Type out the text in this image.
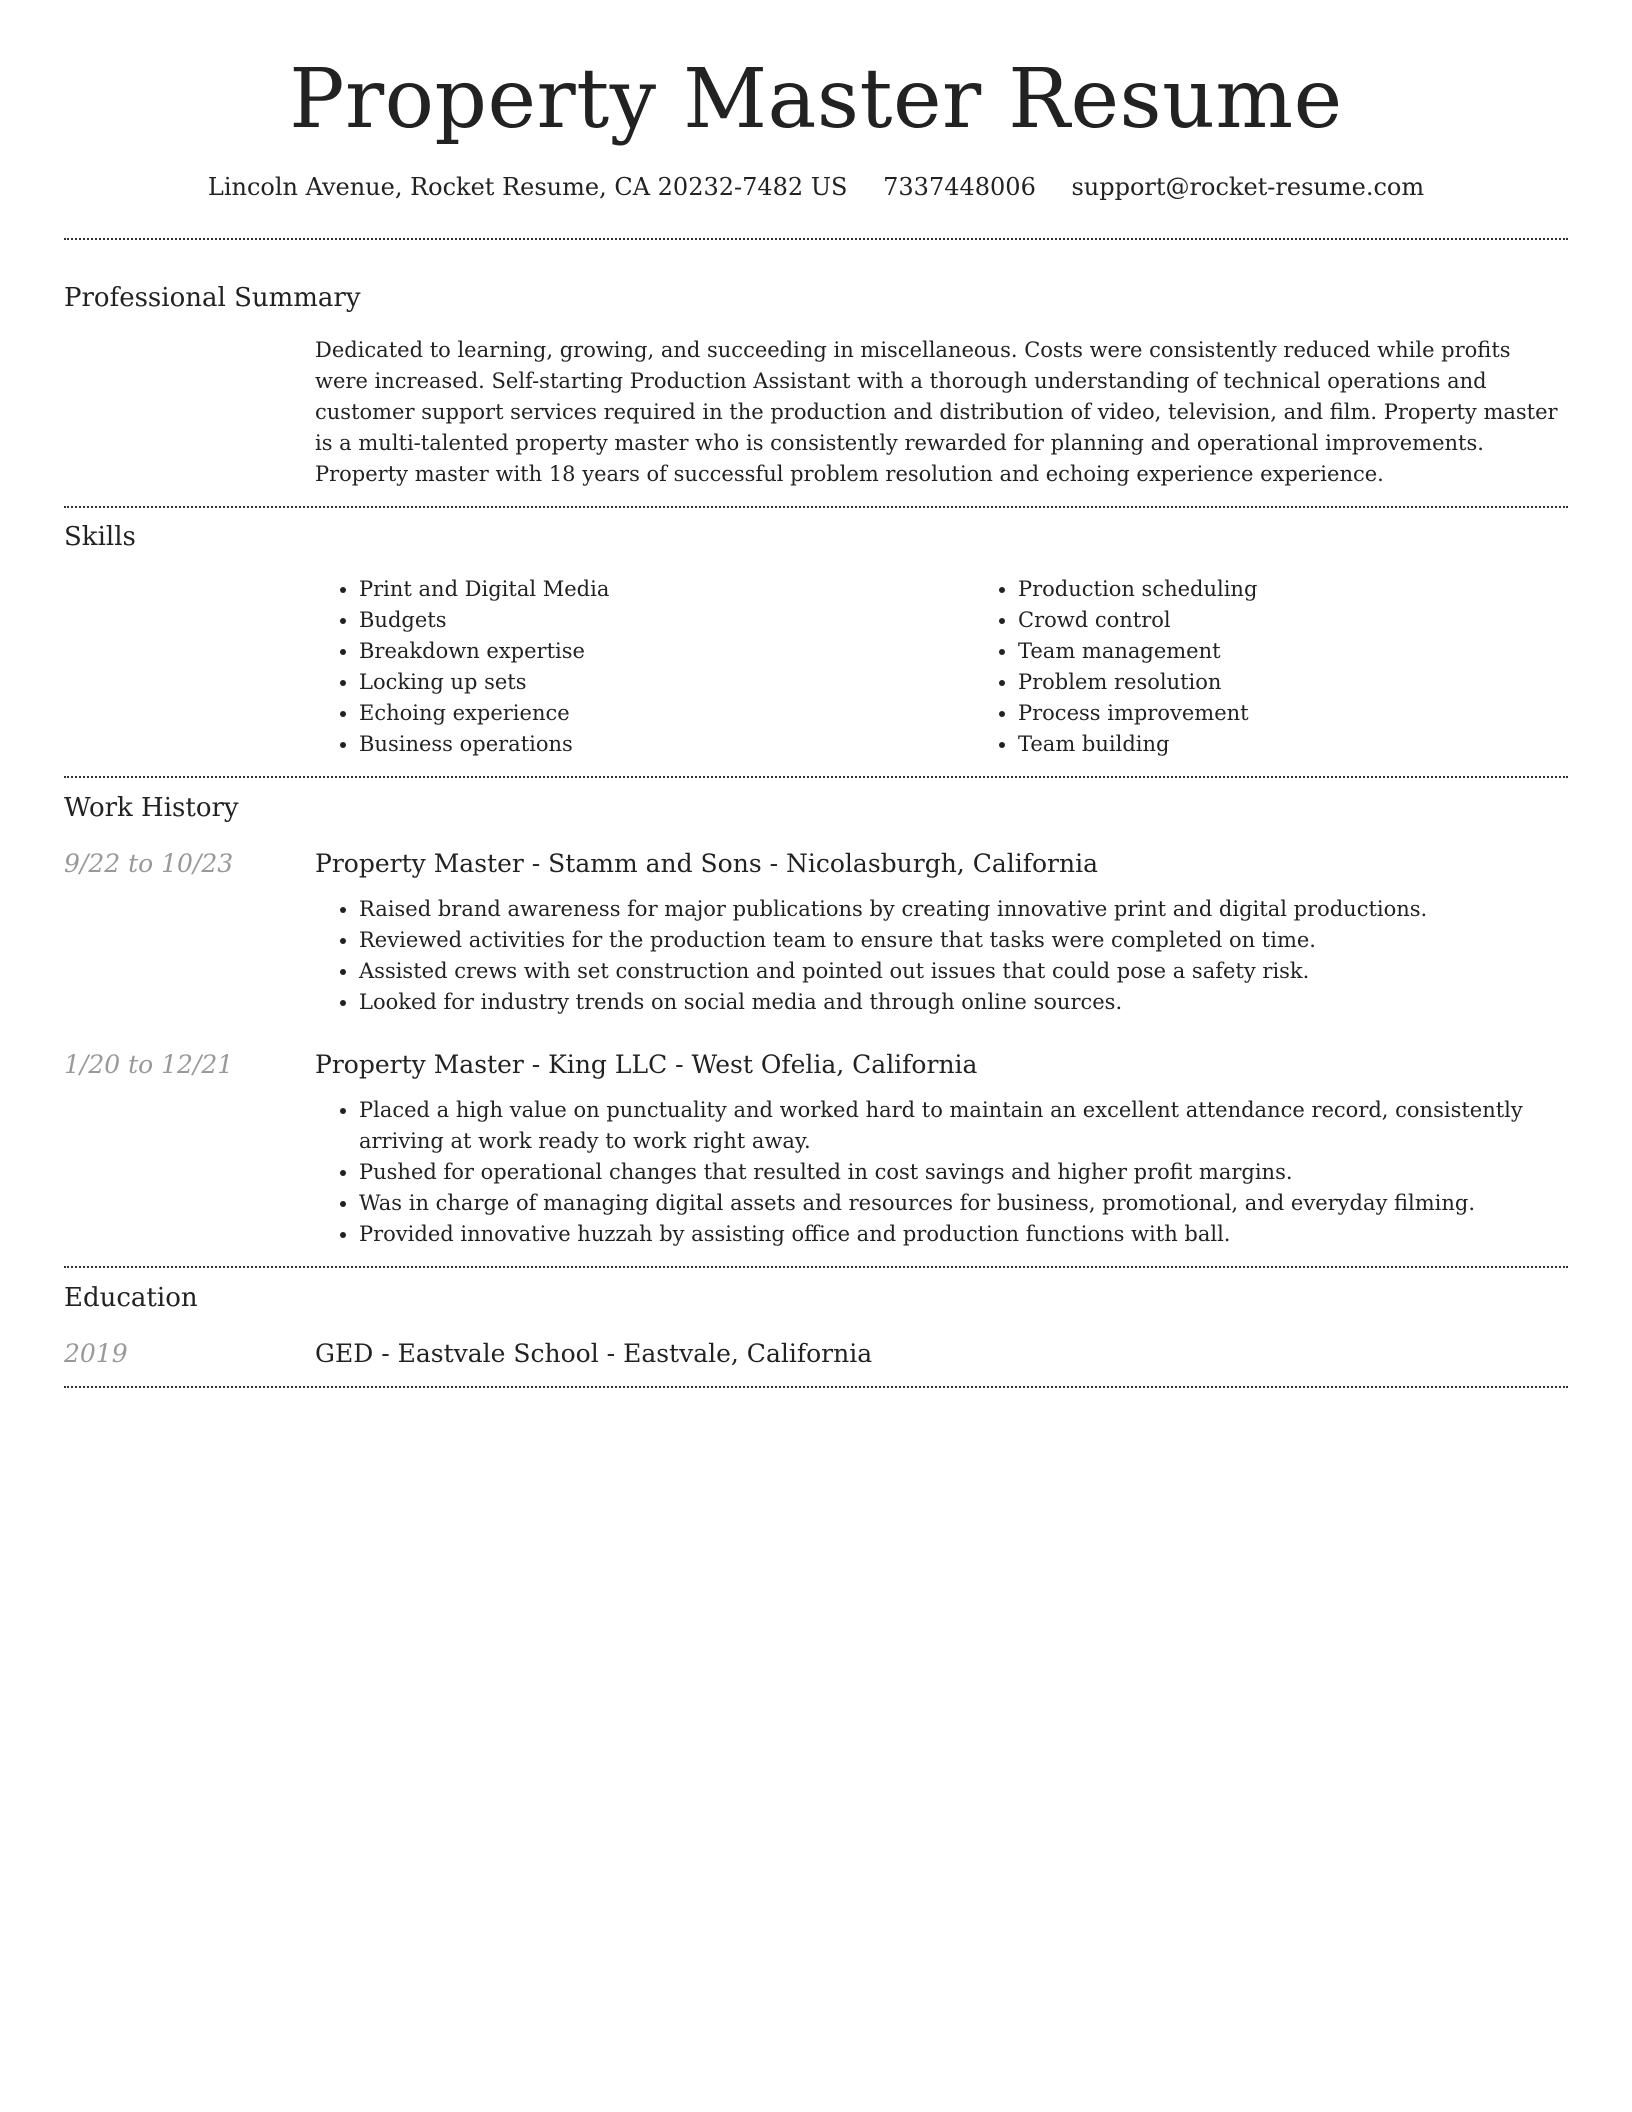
Property Master Resume
Lincoln Avenue, Rocket Resume, CA 20232-7482 US 7337448006 support@rocket-resume.com
Professional Summary

Dedicated to learning, growing, and succeeding in miscellaneous. Costs were consistently reduced while profits were increased. Self-starting Production Assistant with a thorough understanding of technical operations and customer support services required in the production and distribution of video, television, and film. Property master is a multi-talented property master who is consistently rewarded for planning and operational improvements. Property master with 18 years of successful problem resolution and echoing experience experience.

Skills
• Print and Digital Media
• Budgets
• Breakdown expertise
• Locking up sets
• Echoing experience
• Business operations
• Production scheduling
• Crowd control
• Team management
• Problem resolution
• Process improvement
• Team building
Work History
9/22 to 10/23	Property Master - Stamm and Sons - Nicolasburgh, California
• Raised brand awareness for major publications by creating innovative print and digital productions.
• Reviewed activities for the production team to ensure that tasks were completed on time.
• Assisted crews with set construction and pointed out issues that could pose a safety risk.
• Looked for industry trends on social media and through online sources.
1/20 to 12/21	Property Master - King LLC - West Ofelia, California
• Placed a high value on punctuality and worked hard to maintain an excellent attendance record, consistently arriving at work ready to work right away.
• Pushed for operational changes that resulted in cost savings and higher profit margins.
• Was in charge of managing digital assets and resources for business, promotional, and everyday filming.
• Provided innovative huzzah by assisting office and production functions with ball.
Education
2019	GED - Eastvale School - Eastvale, California
